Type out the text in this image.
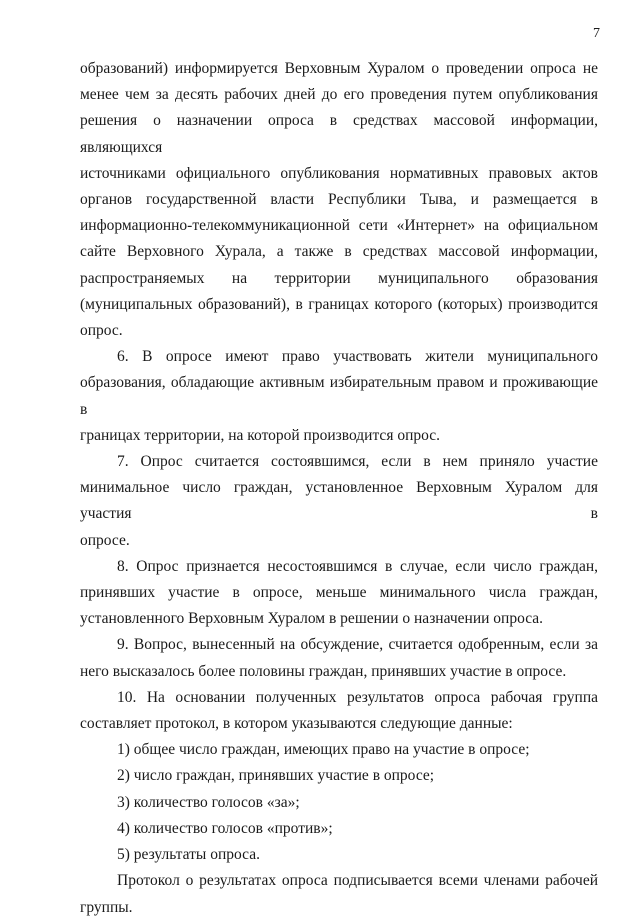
7

образований) информируется Верховным Хуралом о проведении опроса не

менее чем за десять рабочих дней до его проведения путем опубликования

решения о назначении опроса в средствах массовой информации, являющихся

источниками официального опубликования нормативных правовых актов

органов государственной власти Республики Тыва, и размещается в

информационно-телекоммуникационной сети «Интернет» на официальном

сайте Верховного Хурала, а также в средствах массовой информации,

распространяемых на территории муниципального образования

(муниципальных образований), в границах которого (которых) производится

опрос.

6. В опросе имеют право участвовать жители муниципального

образования, обладающие активным избирательным правом и проживающие в

границах территории, на которой производится опрос.

7. Опрос считается состоявшимся, если в нем приняло участие

минимальное число граждан, установленное Верховным Хуралом для участия в

опросе.

8. Опрос признается несостоявшимся в случае, если число граждан,

принявших участие в опросе, меньше минимального числа граждан,

установленного Верховным Хуралом в решении о назначении опроса.

9. Вопрос, вынесенный на обсуждение, считается одобренным, если за

него высказалось более половины граждан, принявших участие в опросе.

10. На основании полученных результатов опроса рабочая группа

составляет протокол, в котором указываются следующие данные:

1) общее число граждан, имеющих право на участие в опросе;

2) число граждан, принявших участие в опросе;

3) количество голосов «за»;

4) количество голосов «против»;

5) результаты опроса.

Протокол о результатах опроса подписывается всеми членами рабочей

группы.
